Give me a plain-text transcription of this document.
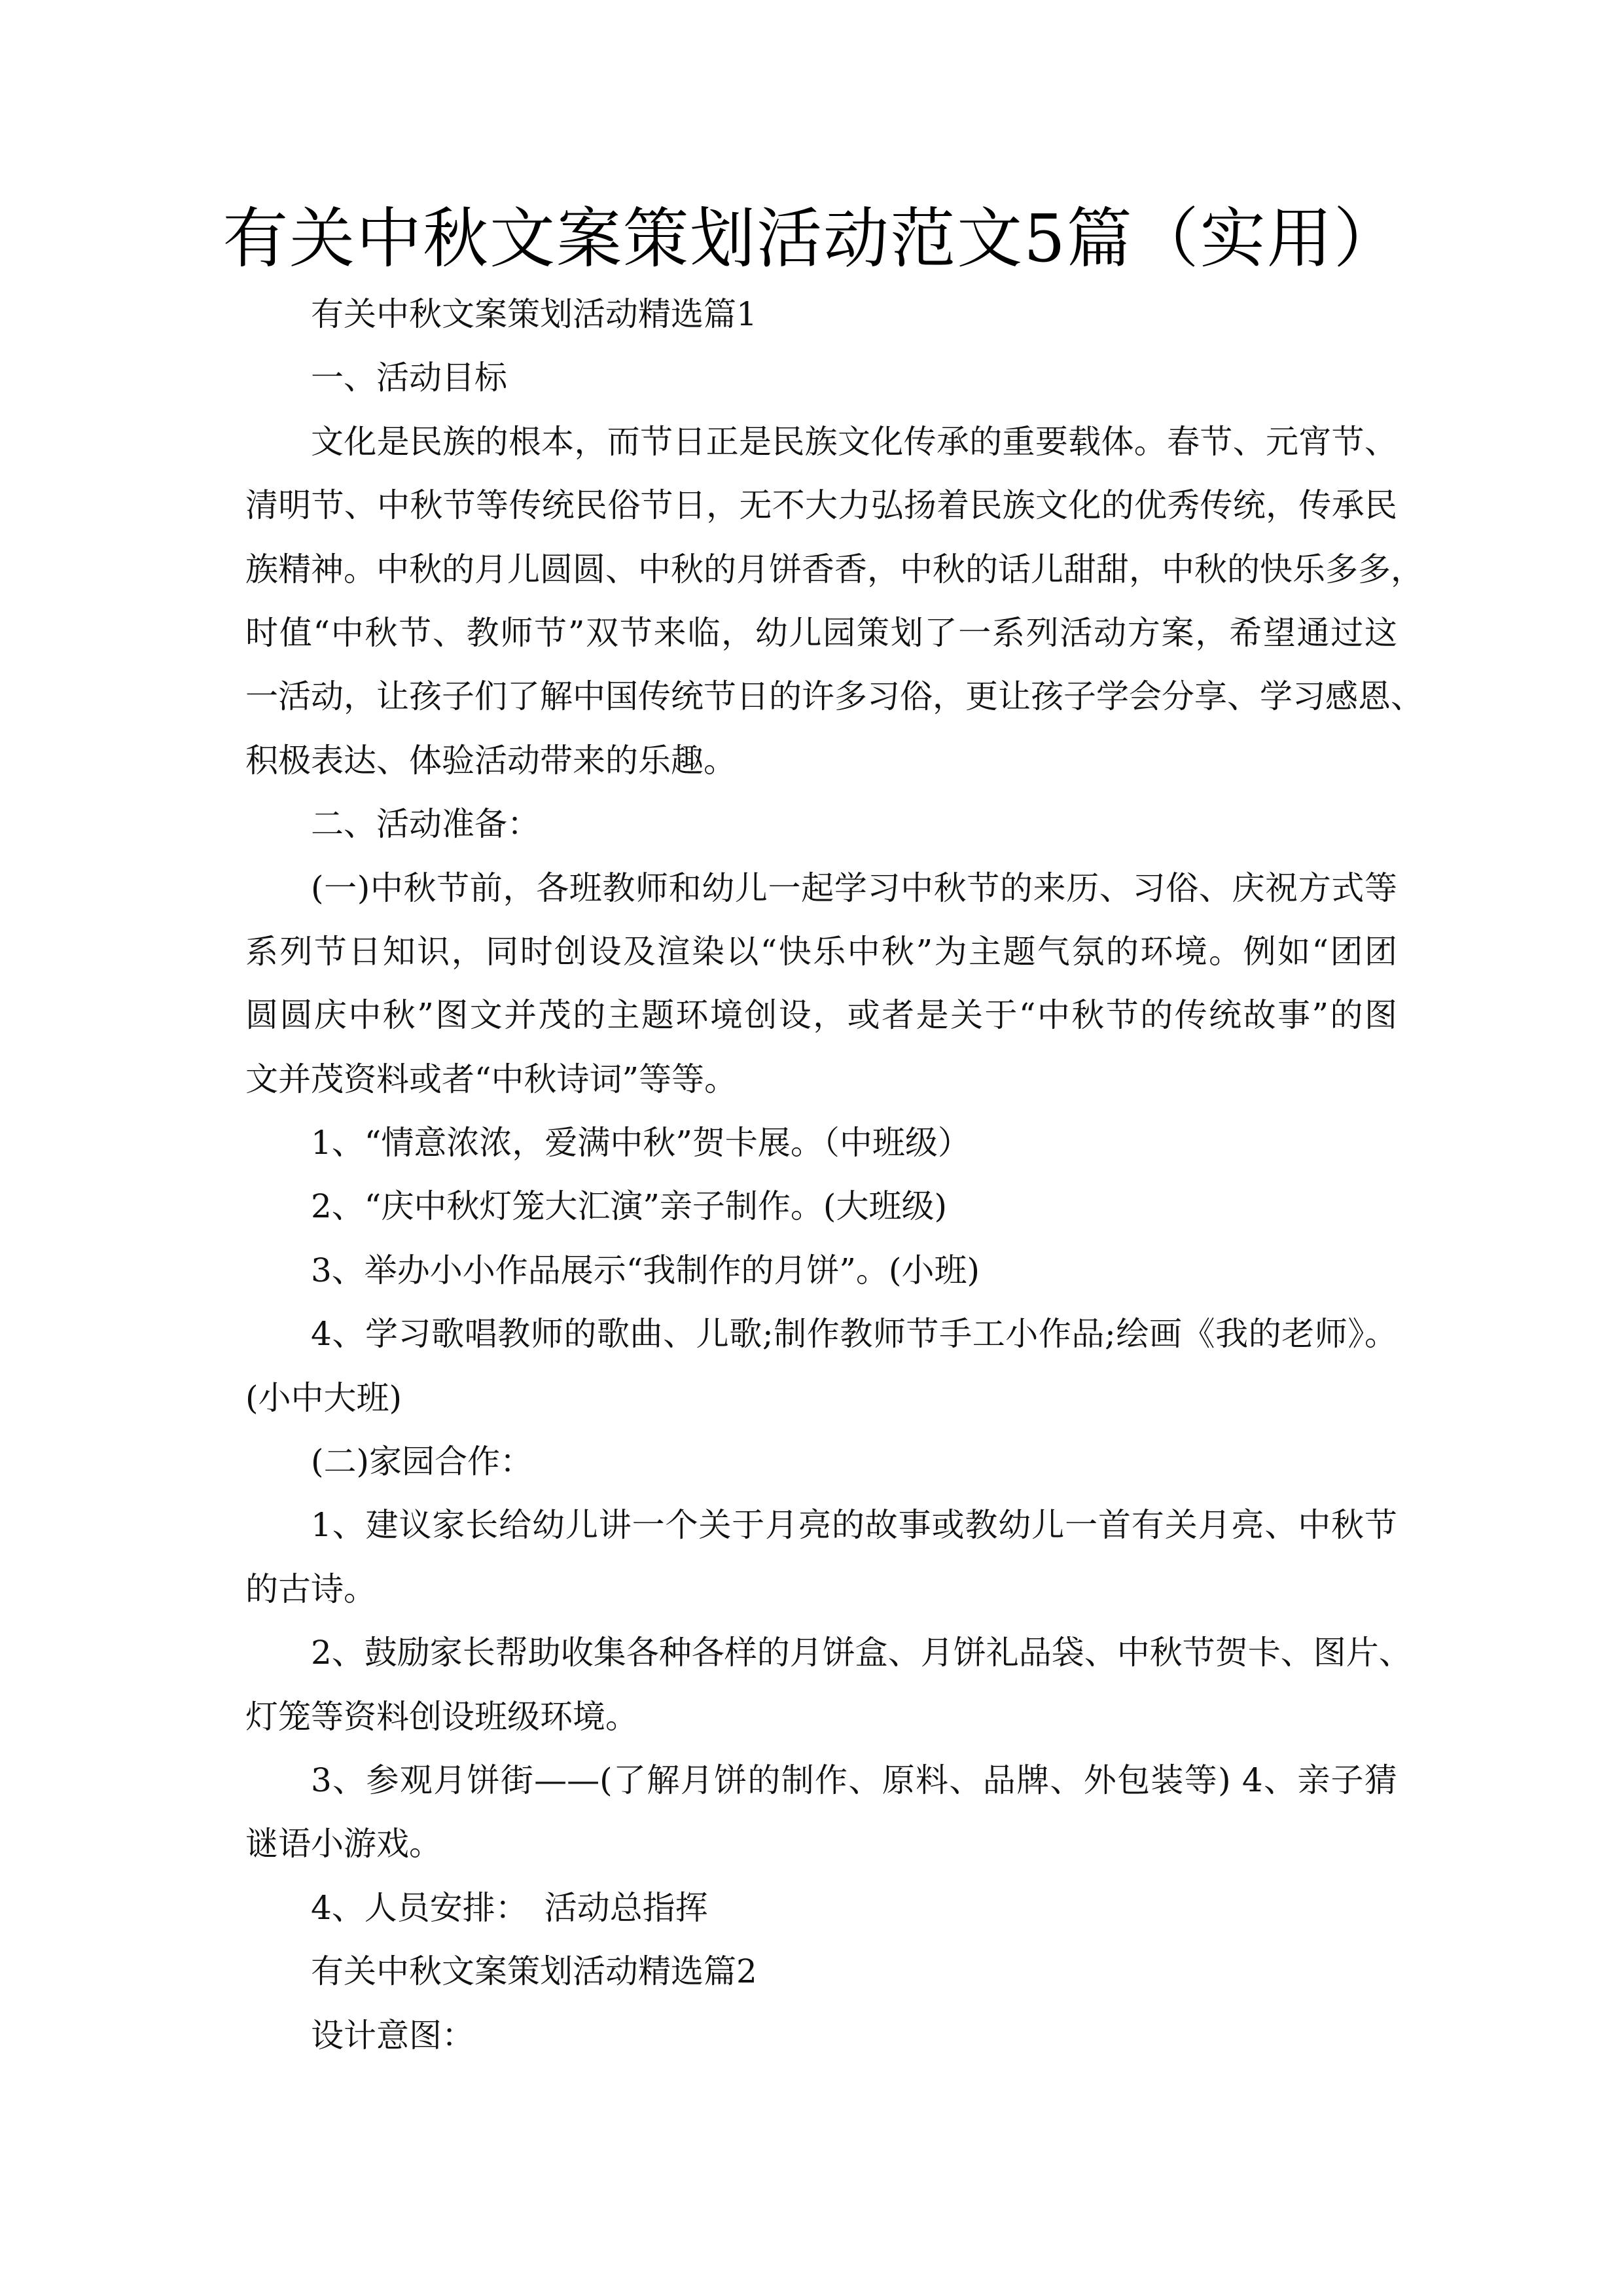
有关中秋文案策划活动范文5篇（实用）
有关中秋文案策划活动精选篇1
一、活动目标
文化是民族的根本，而节日正是民族文化传承的重要载体。春节、元宵节、
清明节、中秋节等传统民俗节日，无不大力弘扬着民族文化的优秀传统，传承民
族精神。中秋的月儿圆圆、中秋的月饼香香，中秋的话儿甜甜，中秋的快乐多多，
时值“中秋节、教师节”双节来临，幼儿园策划了一系列活动方案，希望通过这
一活动，让孩子们了解中国传统节日的许多习俗，更让孩子学会分享、学习感恩、
积极表达、体验活动带来的乐趣。
二、活动准备：
(一)中秋节前，各班教师和幼儿一起学习中秋节的来历、习俗、庆祝方式等
系列节日知识，同时创设及渲染以“快乐中秋”为主题气氛的环境。例如“团团
圆圆庆中秋”图文并茂的主题环境创设，或者是关于“中秋节的传统故事”的图
文并茂资料或者“中秋诗词”等等。
1、“情意浓浓，爱满中秋”贺卡展。（中班级）
2、“庆中秋灯笼大汇演”亲子制作。(大班级)
3、举办小小作品展示“我制作的月饼”。(小班)
4、学习歌唱教师的歌曲、儿歌;制作教师节手工小作品;绘画《我的老师》。
(小中大班)
(二)家园合作：
1、建议家长给幼儿讲一个关于月亮的故事或教幼儿一首有关月亮、中秋节
的古诗。
2、鼓励家长帮助收集各种各样的月饼盒、月饼礼品袋、中秋节贺卡、图片、
灯笼等资料创设班级环境。
3、参观月饼街——(了解月饼的制作、原料、品牌、外包装等) 4、亲子猜
谜语小游戏。
4、人员安排：　活动总指挥
有关中秋文案策划活动精选篇2
设计意图：
